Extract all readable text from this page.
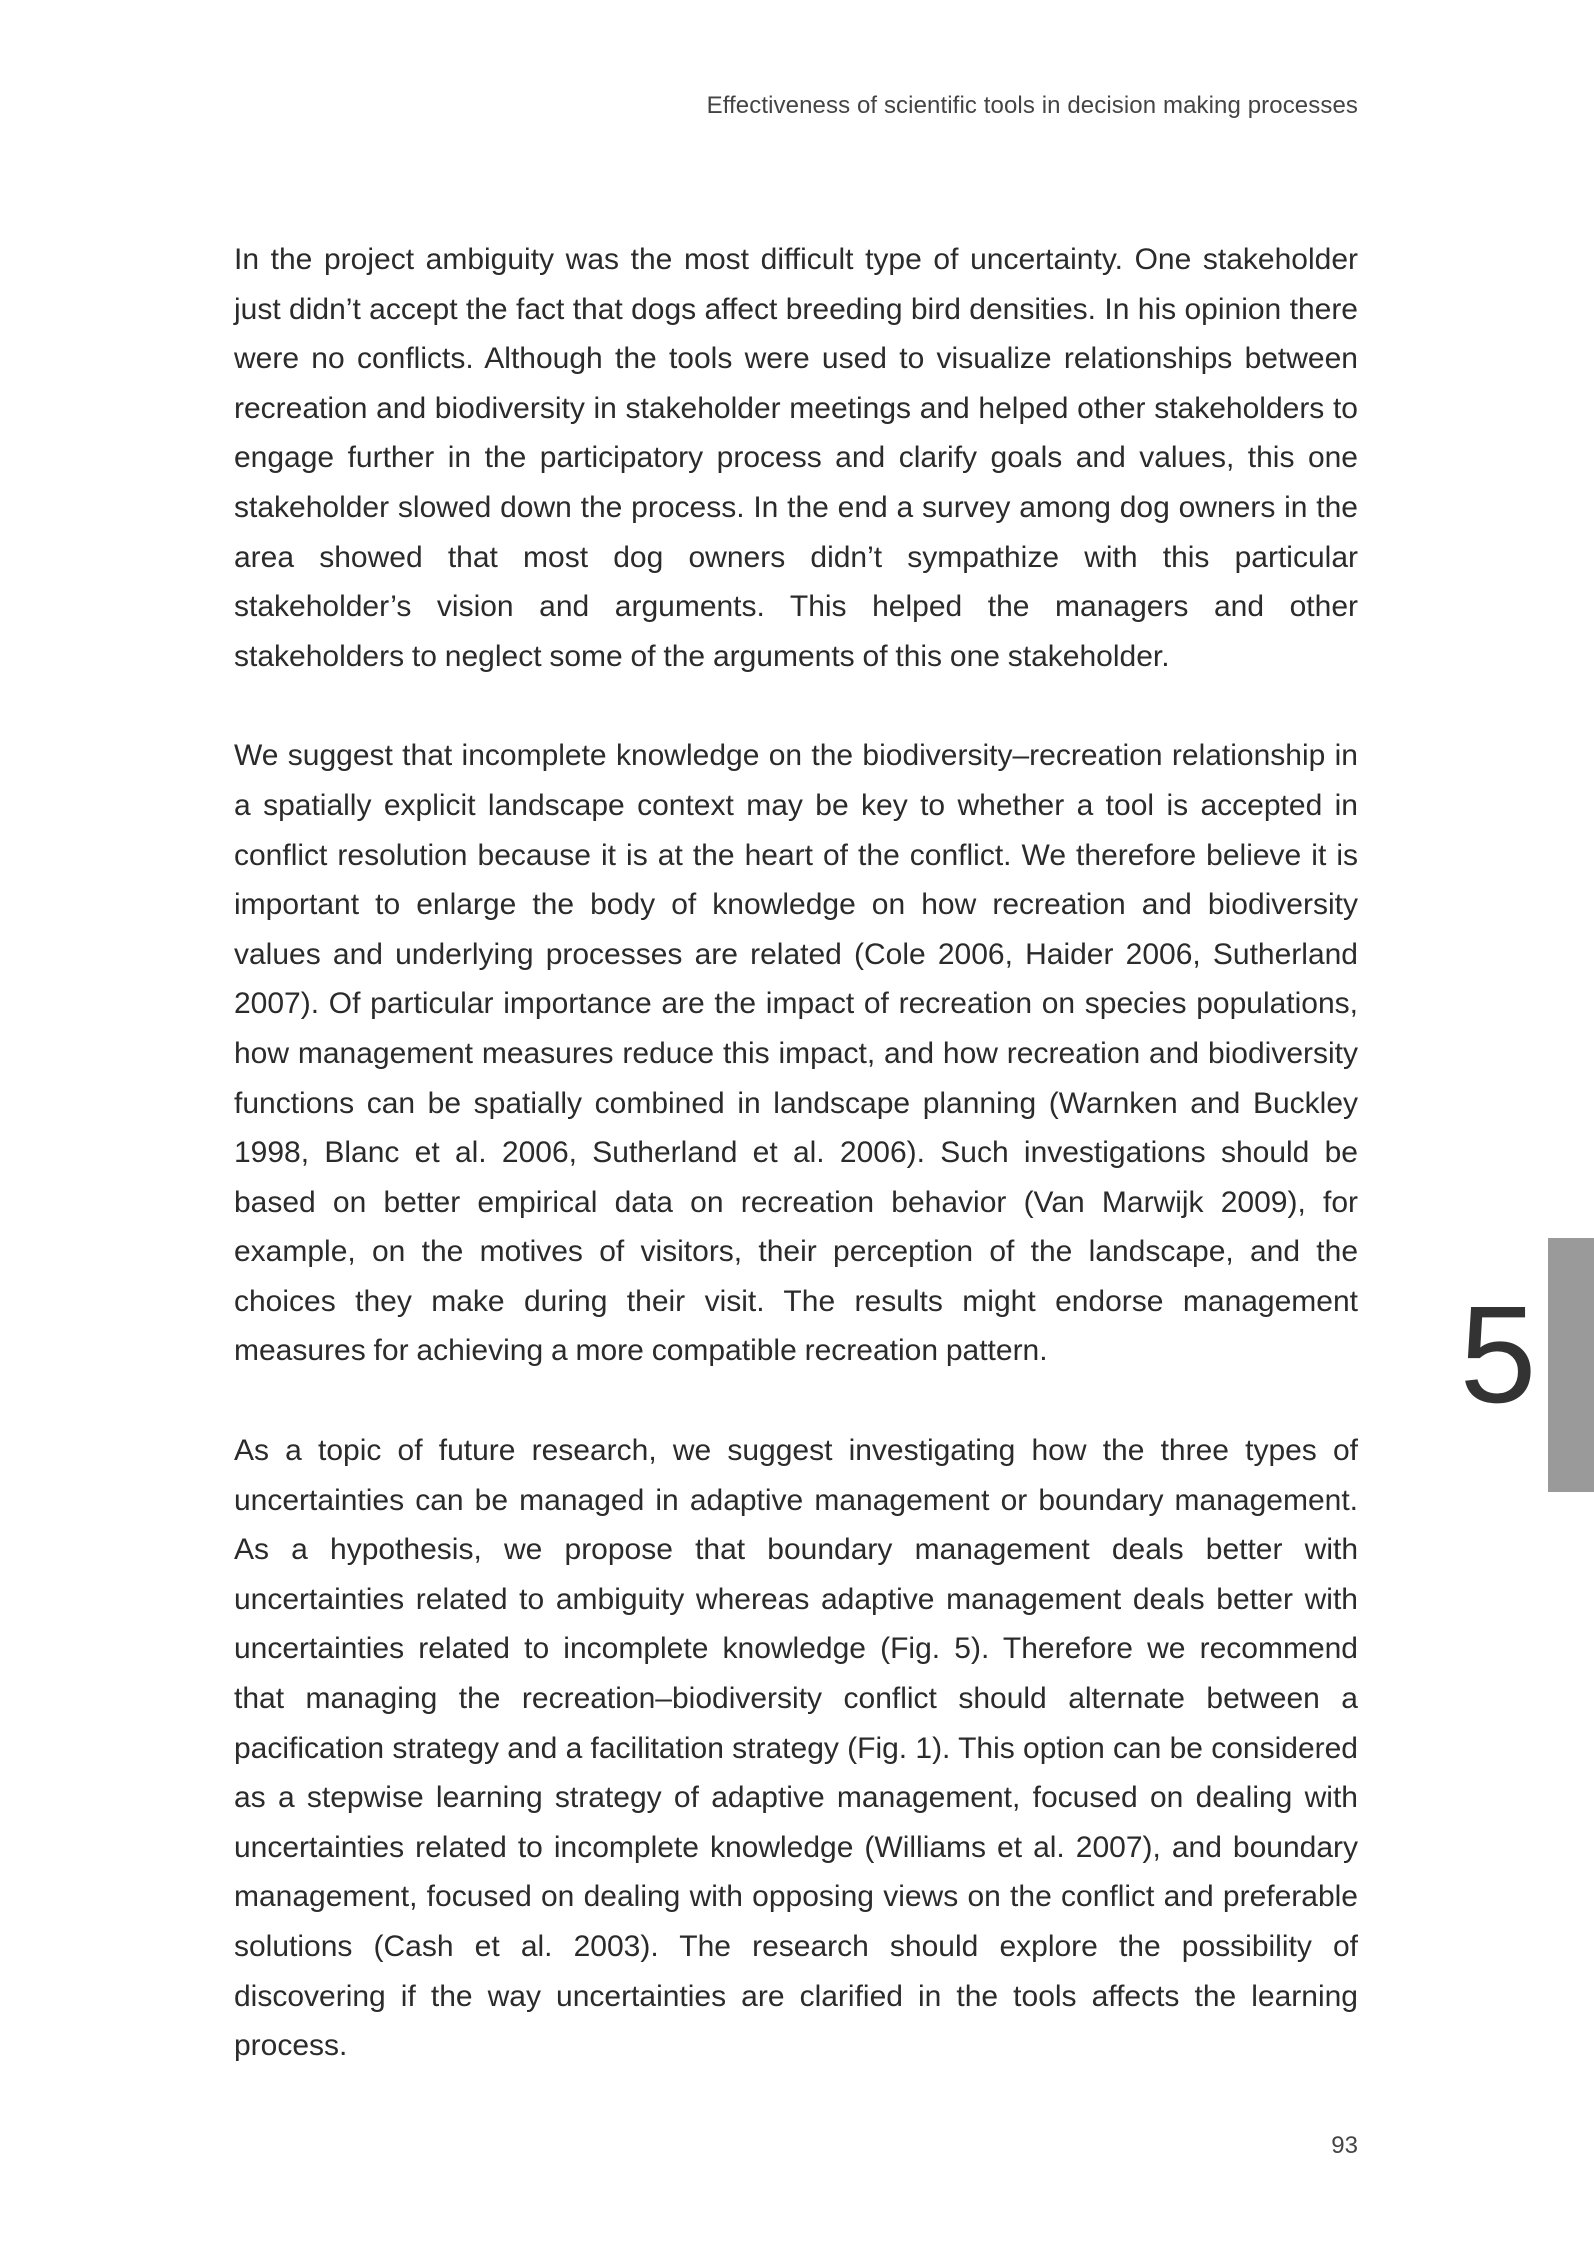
Effectiveness of scientific tools in decision making processes

In the project ambiguity was the most difficult type of uncertainty. One stakeholder just didn’t accept the fact that dogs affect breeding bird densities. In his opinion there were no conflicts. Although the tools were used to visualize relationships between recreation and biodiversity in stakeholder meetings and helped other stakeholders to engage further in the participatory process and clarify goals and values, this one stakeholder slowed down the process. In the end a survey among dog owners in the area showed that most dog owners didn’t sympathize with this particular stakeholder’s vision and arguments. This helped the managers and other stakeholders to neglect some of the arguments of this one stakeholder.

We suggest that incomplete knowledge on the biodiversity–recreation relationship in a spatially explicit landscape context may be key to whether a tool is accepted in conflict resolution because it is at the heart of the conflict. We therefore believe it is important to enlarge the body of knowledge on how recreation and biodiversity values and underlying processes are related (Cole 2006, Haider 2006, Sutherland 2007). Of particular importance are the impact of recreation on species populations, how management measures reduce this impact, and how recreation and biodiversity functions can be spatially combined in landscape planning (Warnken and Buckley 1998, Blanc et al. 2006, Sutherland et al. 2006). Such investigations should be based on better empirical data on recreation behavior (Van Marwijk 2009), for example, on the motives of visitors, their perception of the landscape, and the choices they make during their visit. The results might endorse management measures for achieving a more compatible recreation pattern.

As a topic of future research, we suggest investigating how the three types of uncertainties can be managed in adaptive management or boundary management. As a hypothesis, we propose that boundary management deals better with uncertainties related to ambiguity whereas adaptive management deals better with uncertainties related to incomplete knowledge (Fig. 5). Therefore we recommend that managing the recreation–biodiversity conflict should alternate between a pacification strategy and a facilitation strategy (Fig. 1). This option can be considered as a stepwise learning strategy of adaptive management, focused on dealing with uncertainties related to incomplete knowledge (Williams et al. 2007), and boundary management, focused on dealing with opposing views on the conflict and preferable solutions (Cash et al. 2003). The research should explore the possibility of discovering if the way uncertainties are clarified in the tools affects the learning process.

5
93
